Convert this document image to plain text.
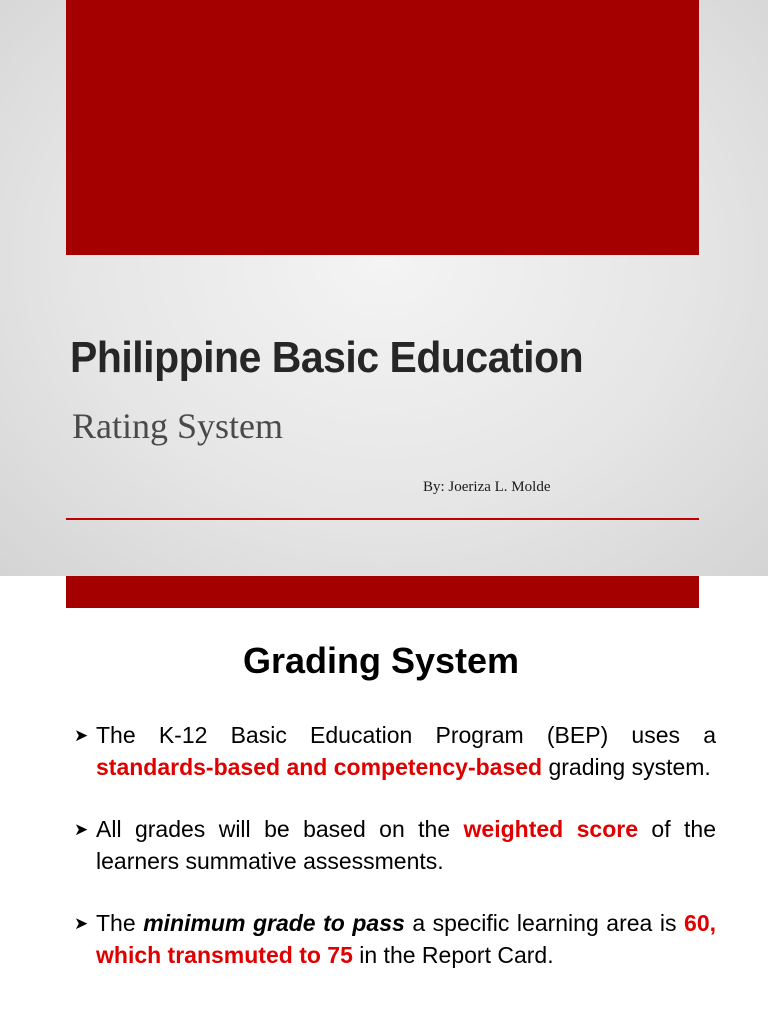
Philippine Basic Education
Rating System
By: Joeriza L. Molde
Grading System
➤ The K-12 Basic Education Program (BEP) uses a standards-based and competency-based grading system.
➤ All grades will be based on the weighted score of the learners summative assessments.
➤ The minimum grade to pass a specific learning area is 60, which transmuted to 75 in the Report Card.
